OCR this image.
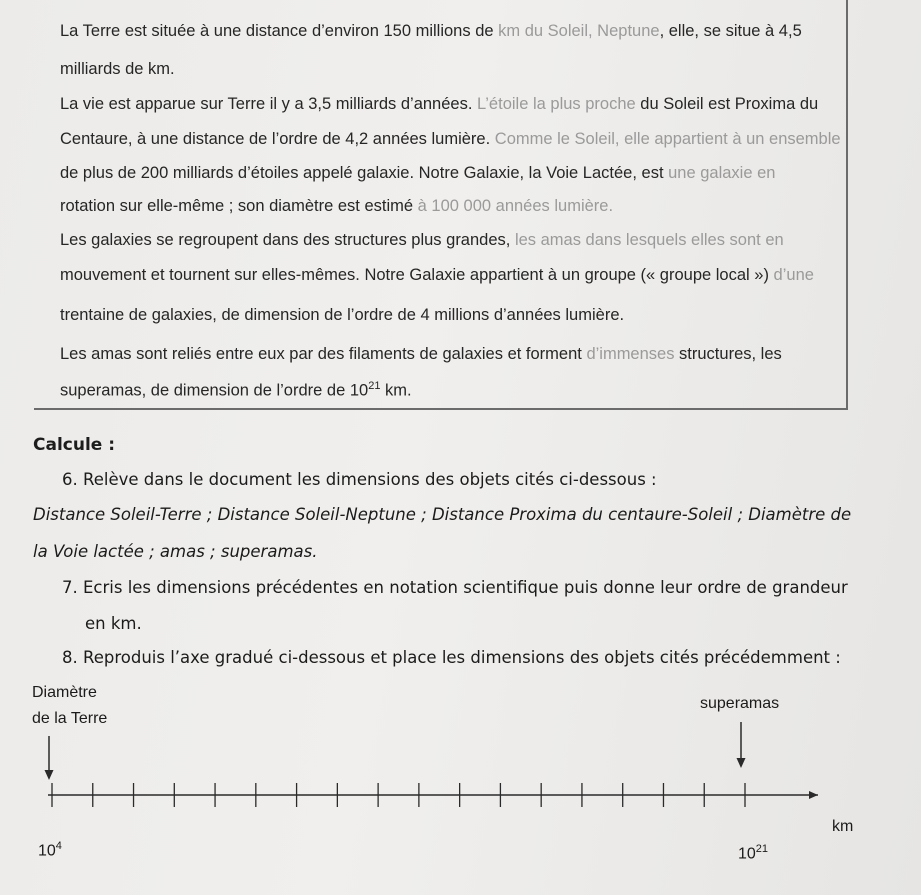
La Terre est située à une distance d’environ 150 millions de km du Soleil, Neptune, elle, se situe à 4,5
milliards de km.
La vie est apparue sur Terre il y a 3,5 milliards d’années. L’étoile la plus proche du Soleil est Proxima du
Centaure, à une distance de l’ordre de 4,2 années lumière. Comme le Soleil, elle appartient à un ensemble
de plus de 200 milliards d’étoiles appelé galaxie. Notre Galaxie, la Voie Lactée, est une galaxie en
rotation sur elle-même ; son diamètre est estimé à 100 000 années lumière.
Les galaxies se regroupent dans des structures plus grandes, les amas dans lesquels elles sont en
mouvement et tournent sur elles-mêmes. Notre Galaxie appartient à un groupe (« groupe local ») d’une
trentaine de galaxies, de dimension de l’ordre de 4 millions d’années lumière.
Les amas sont reliés entre eux par des filaments de galaxies et forment d’immenses structures, les
superamas, de dimension de l’ordre de $10^{21}$ km.
Calcule :
6. Relève dans le document les dimensions des objets cités ci-dessous :
Distance Soleil-Terre ; Distance Soleil-Neptune ; Distance Proxima du centaure-Soleil ; Diamètre de
la Voie lactée ; amas ; superamas.
7. Ecris les dimensions précédentes en notation scientifique puis donne leur ordre de grandeur
en km.
8. Reproduis l’axe gradué ci-dessous et place les dimensions des objets cités précédemment :
Diamètre
de la Terre
superamas
km
$10^4$	$10^{21}$
